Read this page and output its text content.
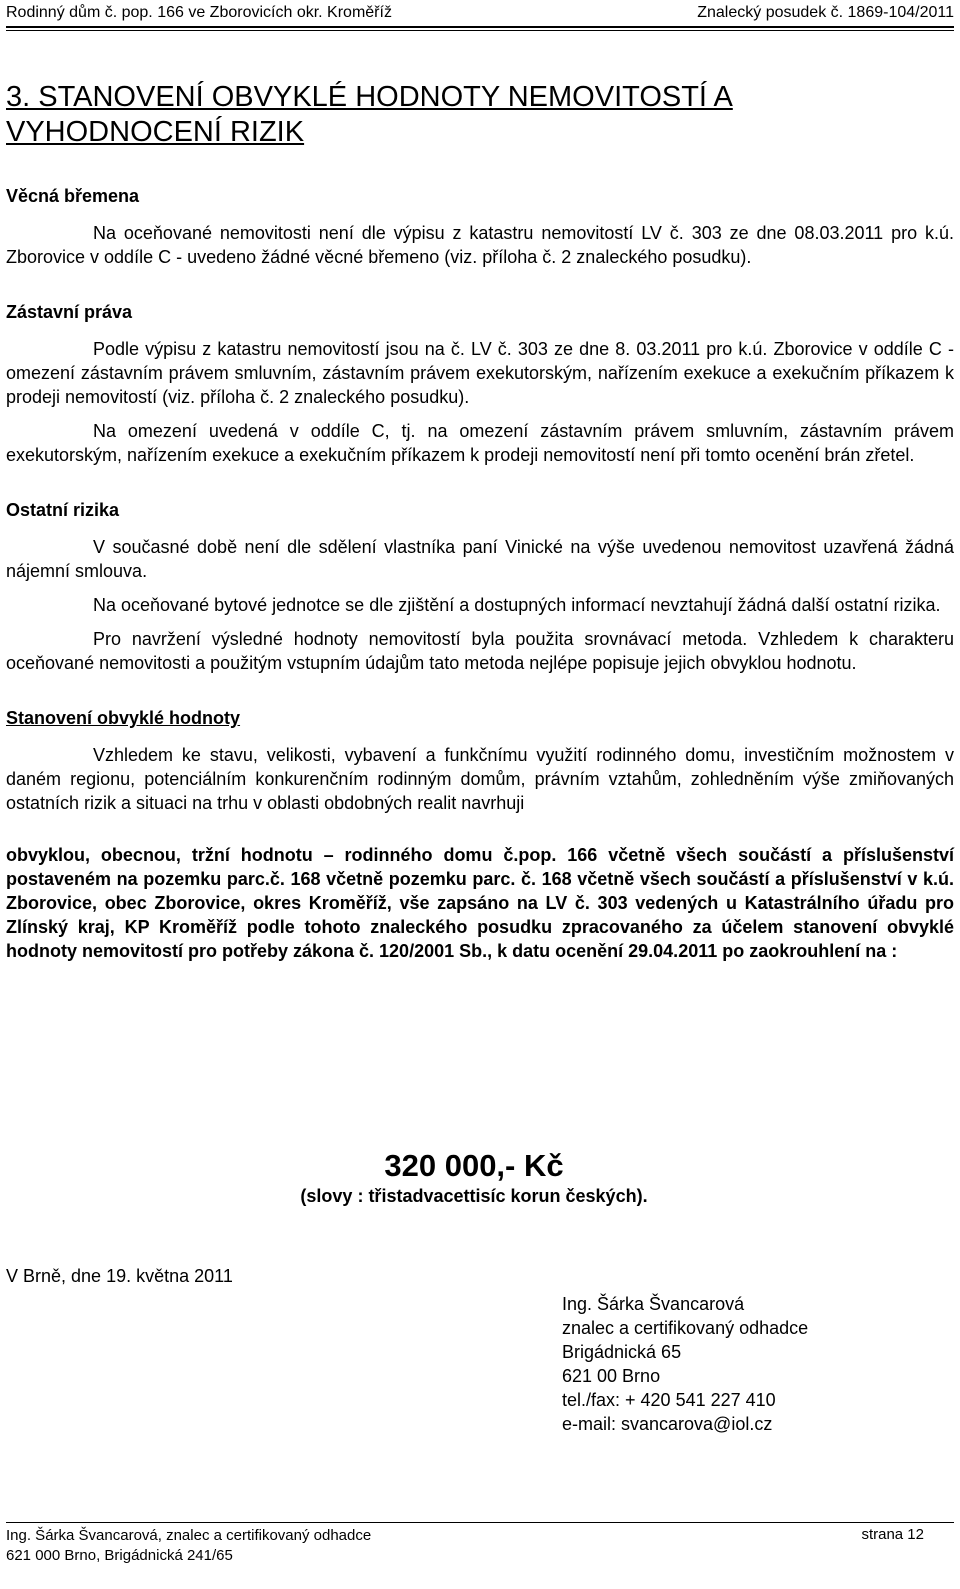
Rodinný dům č. pop. 166 ve Zborovicích okr. Kroměříž	Znalecký posudek č. 1869-104/2011
3. STANOVENÍ OBVYKLÉ HODNOTY NEMOVITOSTÍ A VYHODNOCENÍ RIZIK
Věcná břemena

Na oceňované nemovitosti není dle výpisu z katastru nemovitostí LV č. 303 ze dne 08.03.2011 pro k.ú. Zborovice v oddíle C - uvedeno žádné věcné břemeno (viz. příloha č. 2 znaleckého posudku).

Zástavní práva

Podle výpisu z katastru nemovitostí jsou na č. LV č. 303 ze dne 8. 03.2011 pro k.ú. Zborovice v oddíle C - omezení zástavním právem smluvním, zástavním právem exekutorským, nařízením exekuce a exekučním příkazem k prodeji nemovitostí (viz. příloha č. 2 znaleckého posudku).

Na omezení uvedená v oddíle C, tj. na omezení zástavním právem smluvním, zástavním právem exekutorským, nařízením exekuce a exekučním příkazem k prodeji nemovitostí není při tomto ocenění brán zřetel.

Ostatní rizika

V současné době není dle sdělení vlastníka paní Vinické na výše uvedenou nemovitost uzavřená žádná nájemní smlouva.

Na oceňované bytové jednotce se dle zjištění a dostupných informací nevztahují žádná další ostatní rizika.

Pro navržení výsledné hodnoty nemovitostí byla použita srovnávací metoda. Vzhledem k charakteru oceňované nemovitosti a použitým vstupním údajům tato metoda nejlépe popisuje jejich obvyklou hodnotu.

Stanovení obvyklé hodnoty

Vzhledem ke stavu, velikosti, vybavení a funkčnímu využití rodinného domu, investičním možnostem v daném regionu, potenciálním konkurenčním rodinným domům, právním vztahům, zohledněním výše zmiňovaných ostatních rizik a situaci na trhu v oblasti obdobných realit navrhuji

obvyklou, obecnou, tržní hodnotu – rodinného domu č.pop. 166 včetně všech součástí a příslušenství postaveném na pozemku parc.č. 168 včetně pozemku parc. č. 168 včetně všech součástí a příslušenství v k.ú. Zborovice, obec Zborovice, okres Kroměříž, vše zapsáno na LV č. 303 vedených u Katastrálního úřadu pro Zlínský kraj, KP Kroměříž podle tohoto znaleckého posudku zpracovaného za účelem stanovení obvyklé hodnoty nemovitostí pro potřeby zákona č. 120/2001 Sb., k datu ocenění 29.04.2011 po zaokrouhlení na :

320 000,- Kč
(slovy : třistadvacettisíc korun českých).
V Brně, dne 19. května 2011
Ing. Šárka Švancarová
znalec a certifikovaný odhadce
Brigádnická 65
621 00 Brno
tel./fax: + 420 541 227 410
e-mail: svancarova@iol.cz
Ing. Šárka Švancarová, znalec a certifikovaný odhadce
621 000 Brno, Brigádnická 241/65
strana 12
